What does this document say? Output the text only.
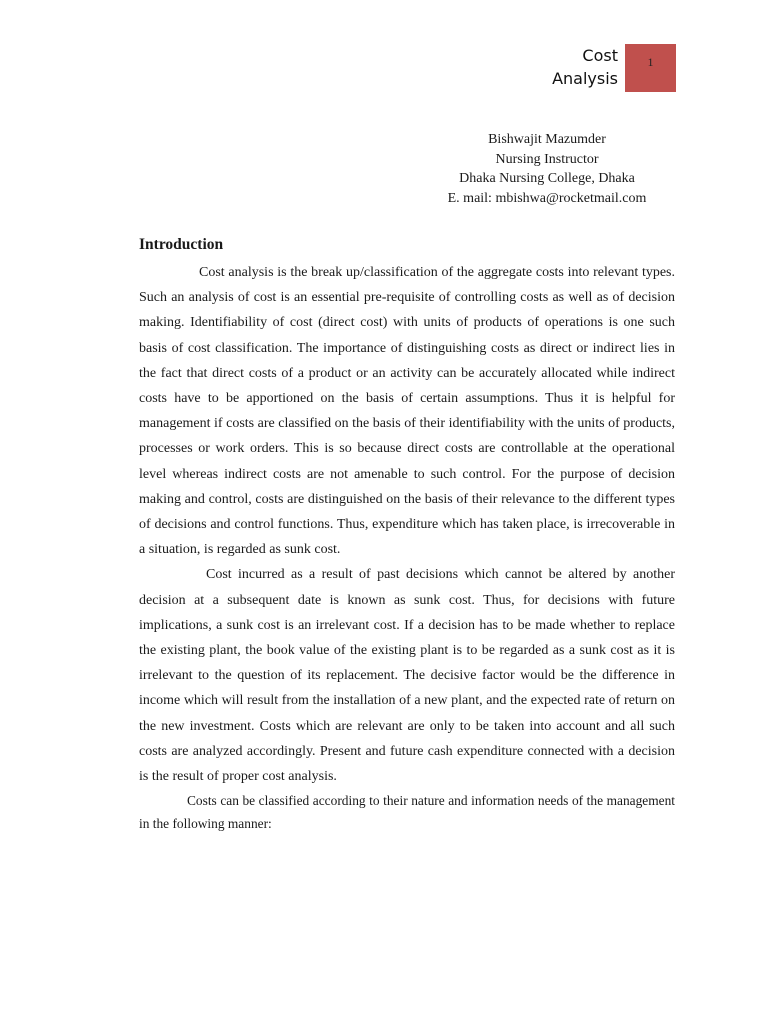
Cost
Analysis
1
Bishwajit Mazumder
Nursing Instructor
Dhaka Nursing College, Dhaka
E. mail: mbishwa@rocketmail.com
Introduction

Cost analysis is the break up/classification of the aggregate costs into relevant types. Such an analysis of cost is an essential pre-requisite of controlling costs as well as of decision making. Identifiability of cost (direct cost) with units of products of operations is one such basis of cost classification. The importance of distinguishing costs as direct or indirect lies in the fact that direct costs of a product or an activity can be accurately allocated while indirect costs have to be apportioned on the basis of certain assumptions. Thus it is helpful for management if costs are classified on the basis of their identifiability with the units of products, processes or work orders. This is so because direct costs are controllable at the operational level whereas indirect costs are not amenable to such control. For the purpose of decision making and control, costs are distinguished on the basis of their relevance to the different types of decisions and control functions. Thus, expenditure which has taken place, is irrecoverable in a situation, is regarded as sunk cost.

Cost incurred as a result of past decisions which cannot be altered by another decision at a subsequent date is known as sunk cost. Thus, for decisions with future implications, a sunk cost is an irrelevant cost. If a decision has to be made whether to replace the existing plant, the book value of the existing plant is to be regarded as a sunk cost as it is irrelevant to the question of its replacement. The decisive factor would be the difference in income which will result from the installation of a new plant, and the expected rate of return on the new investment. Costs which are relevant are only to be taken into account and all such costs are analyzed accordingly. Present and future cash expenditure connected with a decision is the result of proper cost analysis.

Costs can be classified according to their nature and information needs of the management in the following manner:
